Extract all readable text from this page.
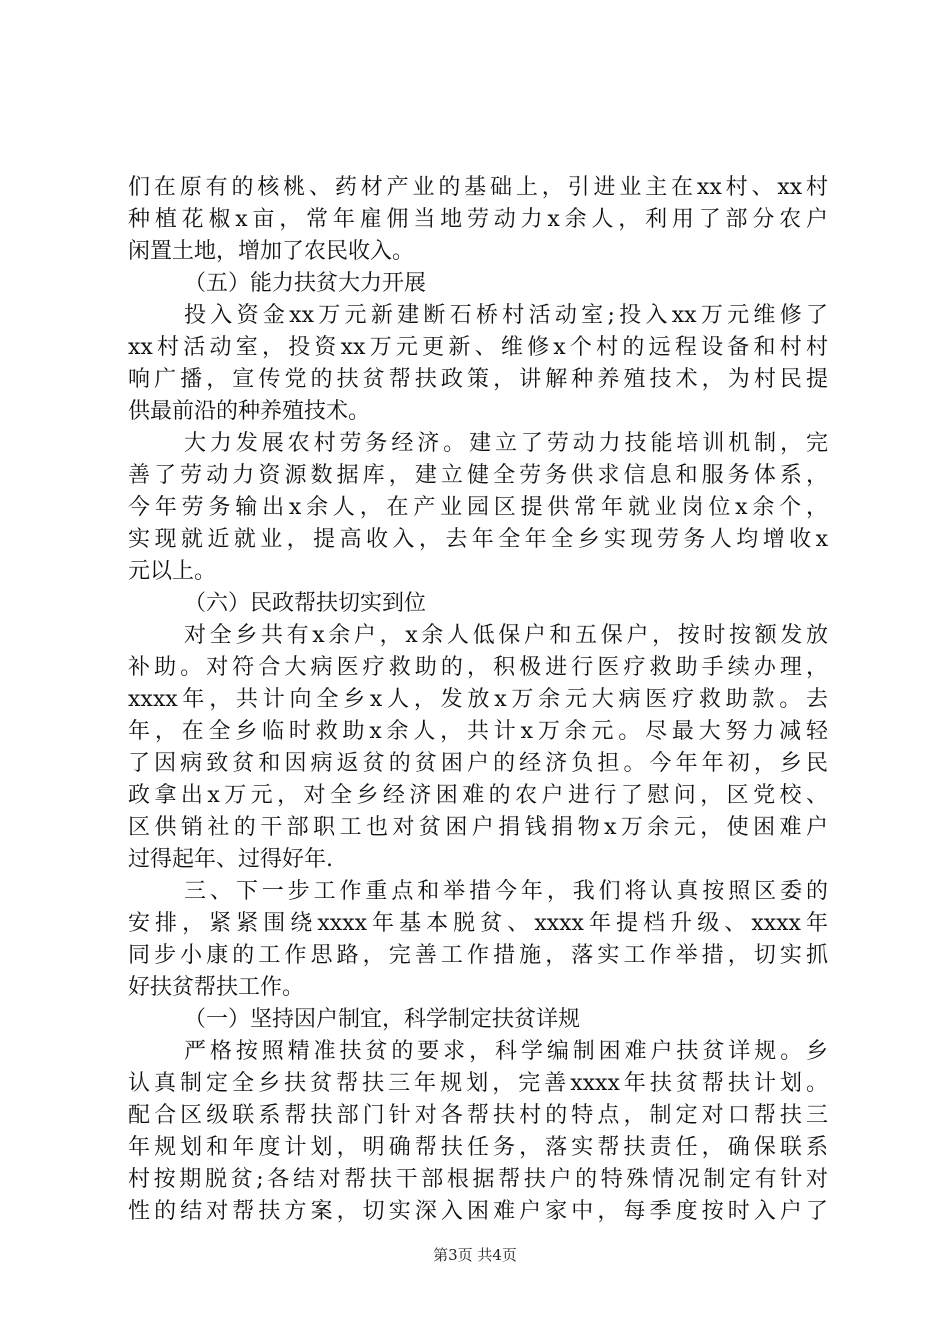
们在原有的核桃、药材产业的基础上，引进业主在xx村、xx村
种植花椒x亩，常年雇佣当地劳动力x余人，利用了部分农户
闲置土地，增加了农民收入。
（五）能力扶贫大力开展
投入资金xx万元新建断石桥村活动室;投入xx万元维修了
xx村活动室，投资xx万元更新、维修x个村的远程设备和村村
响广播，宣传党的扶贫帮扶政策，讲解种养殖技术，为村民提
供最前沿的种养殖技术。
大力发展农村劳务经济。建立了劳动力技能培训机制，完
善了劳动力资源数据库，建立健全劳务供求信息和服务体系，
今年劳务输出x余人，在产业园区提供常年就业岗位x余个，
实现就近就业，提高收入，去年全年全乡实现劳务人均增收x
元以上。
（六）民政帮扶切实到位
对全乡共有x余户，x余人低保户和五保户，按时按额发放
补助。对符合大病医疗救助的，积极进行医疗救助手续办理，
xxxx年，共计向全乡x人，发放x万余元大病医疗救助款。去
年，在全乡临时救助x余人，共计x万余元。尽最大努力减轻
了因病致贫和因病返贫的贫困户的经济负担。今年年初，乡民
政拿出x万元，对全乡经济困难的农户进行了慰问，区党校、
区供销社的干部职工也对贫困户捐钱捐物x万余元，使困难户
过得起年、过得好年.
三、下一步工作重点和举措今年，我们将认真按照区委的
安排，紧紧围绕xxxx年基本脱贫、xxxx年提档升级、xxxx年
同步小康的工作思路，完善工作措施，落实工作举措，切实抓
好扶贫帮扶工作。
（一）坚持因户制宜，科学制定扶贫详规
严格按照精准扶贫的要求，科学编制困难户扶贫详规。乡
认真制定全乡扶贫帮扶三年规划，完善xxxx年扶贫帮扶计划。
配合区级联系帮扶部门针对各帮扶村的特点，制定对口帮扶三
年规划和年度计划，明确帮扶任务，落实帮扶责任，确保联系
村按期脱贫;各结对帮扶干部根据帮扶户的特殊情况制定有针对
性的结对帮扶方案，切实深入困难户家中，每季度按时入户了
第3页 共4页
